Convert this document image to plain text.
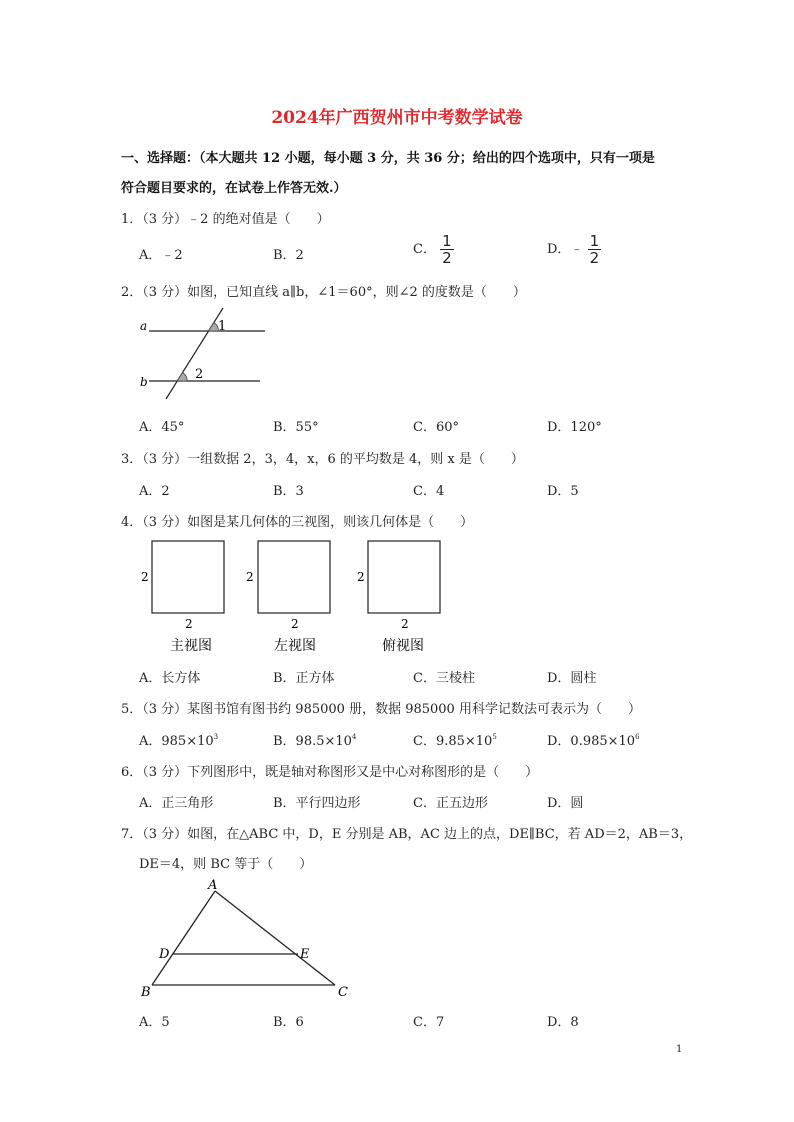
2024年广西贺州市中考数学试卷
一、选择题：（本大题共 12 小题，每小题 3 分，共 36 分；给出的四个选项中，只有一项是
符合题目要求的，在试卷上作答无效.）
1．（3 分）﹣2 的绝对值是（　　）
A．﹣2	B．2	C． $\frac{1}{2}$	D．﹣ $\frac{1}{2}$
2．（3 分）如图，已知直线 a∥b，∠1＝60°，则∠2 的度数是（　　）
a
b
1
2
A．45°	B．55°	C．60°	D．120°
3．（3 分）一组数据 2，3，4，x，6 的平均数是 4，则 x 是（　　）
A．2	B．3	C．4	D．5
4．（3 分）如图是某几何体的三视图，则该几何体是（　　）
2	2	2
2	2	2
主视图	左视图	俯视图
A．长方体	B．正方体	C．三棱柱	D．圆柱
5．（3 分）某图书馆有图书约 985000 册，数据 985000 用科学记数法可表示为（　　）
A．$985\times 10^3$	B．$98.5\times 10^4$	C．$9.85\times 10^5$	D．$0.985\times 10^6$
6．（3 分）下列图形中，既是轴对称图形又是中心对称图形的是（　　）
A．正三角形	B．平行四边形	C．正五边形	D．圆
7．（3 分）如图，在△ABC 中，D，E 分别是 AB，AC 边上的点，DE∥BC，若 AD＝2，AB＝3，
DE＝4，则 BC 等于（　　）
A
B	C
D	E
A．5	B．6	C．7	D．8
1
